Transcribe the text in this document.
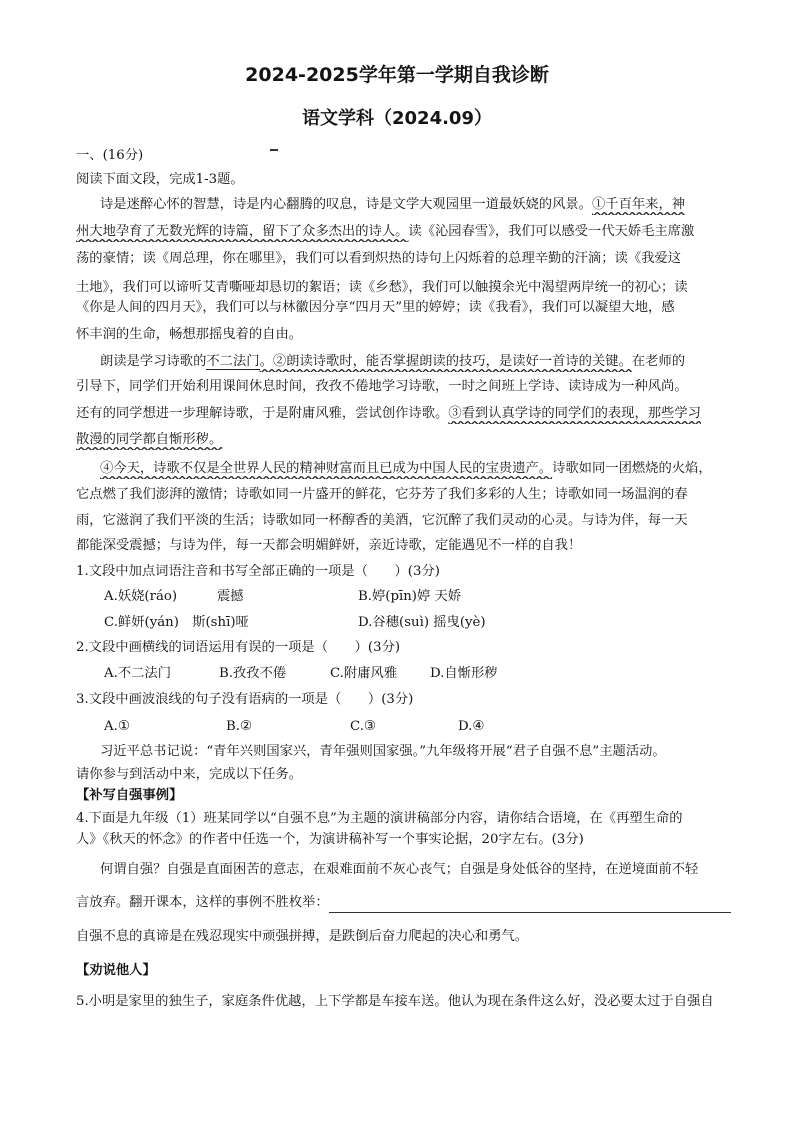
2024-2025学年第一学期自我诊断
语文学科（2024.09）
一、(16分)
阅读下面文段，完成1-3题。
诗是迷醉心怀的智慧，诗是内心翻腾的叹息，诗是文学大观园里一道最妖娆的风景。①千百年来，神
州大地孕育了无数光辉的诗篇，留下了众多杰出的诗人。读《沁园春雪》，我们可以感受一代天娇毛主席激
荡的豪情；读《周总理，你在哪里》，我们可以看到炽热的诗句上闪烁着的总理辛勤的汗滴；读《我爱这
土地》，我们可以谛听艾青嘶哑却恳切的絮语；读《乡愁》，我们可以触摸余光中渴望两岸统一的初心；读
《你是人间的四月天》，我们可以与林徽因分享“四月天”里的婷婷；读《我看》，我们可以凝望大地，感
怀丰润的生命，畅想那摇曳着的自由。
朗读是学习诗歌的不二法门。②朗读诗歌时，能否掌握朗读的技巧，是读好一首诗的关键。在老师的
引导下，同学们开始利用课间休息时间，孜孜不倦地学习诗歌，一时之间班上学诗、读诗成为一种风尚。
还有的同学想进一步理解诗歌，于是附庸风雅，尝试创作诗歌。③看到认真学诗的同学们的表现，那些学习
散漫的同学都自惭形秽。
④今天，诗歌不仅是全世界人民的精神财富而且已成为中国人民的宝贵遗产。诗歌如同一团燃烧的火焰，
它点燃了我们澎湃的激情；诗歌如同一片盛开的鲜花，它芬芳了我们多彩的人生；诗歌如同一场温润的春
雨，它滋润了我们平淡的生活；诗歌如同一杯醇香的美酒，它沉醉了我们灵动的心灵。与诗为伴，每一天
都能深受震撼；与诗为伴，每一天都会明媚鲜妍，亲近诗歌，定能遇见不一样的自我！
1.文段中加点词语注音和书写全部正确的一项是（　　）(3分)
A.妖娆(ráo)　　　震撼	B.婷(pīn)婷 天娇
C.鲜妍(yán)　斯(shī)哑	D.谷穗(suì) 摇曳(yè)
2.文段中画横线的词语运用有误的一项是（　　）(3分)
A.不二法门	B.孜孜不倦	C.附庸风雅 D.自惭形秽
3.文段中画波浪线的句子没有语病的一项是（　　）(3分)
A.①	B.②	C.③	D.④
习近平总书记说：“青年兴则国家兴，青年强则国家强。”九年级将开展“君子自强不息”主题活动。
请你参与到活动中来，完成以下任务。
【补写自强事例】
4.下面是九年级（1）班某同学以“自强不息”为主题的演讲稿部分内容，请你结合语境，在《再塑生命的
人》《秋天的怀念》的作者中任选一个，为演讲稿补写一个事实论据，20字左右。(3分)
何谓自强？自强是直面困苦的意志，在艰难面前不灰心丧气；自强是身处低谷的坚持，在逆境面前不轻
言放弃。翻开课本，这样的事例不胜枚举：
自强不息的真谛是在残忍现实中顽强拼搏，是跌倒后奋力爬起的决心和勇气。
【劝说他人】
5.小明是家里的独生子，家庭条件优越，上下学都是车接车送。他认为现在条件这么好，没必要太过于自强自
